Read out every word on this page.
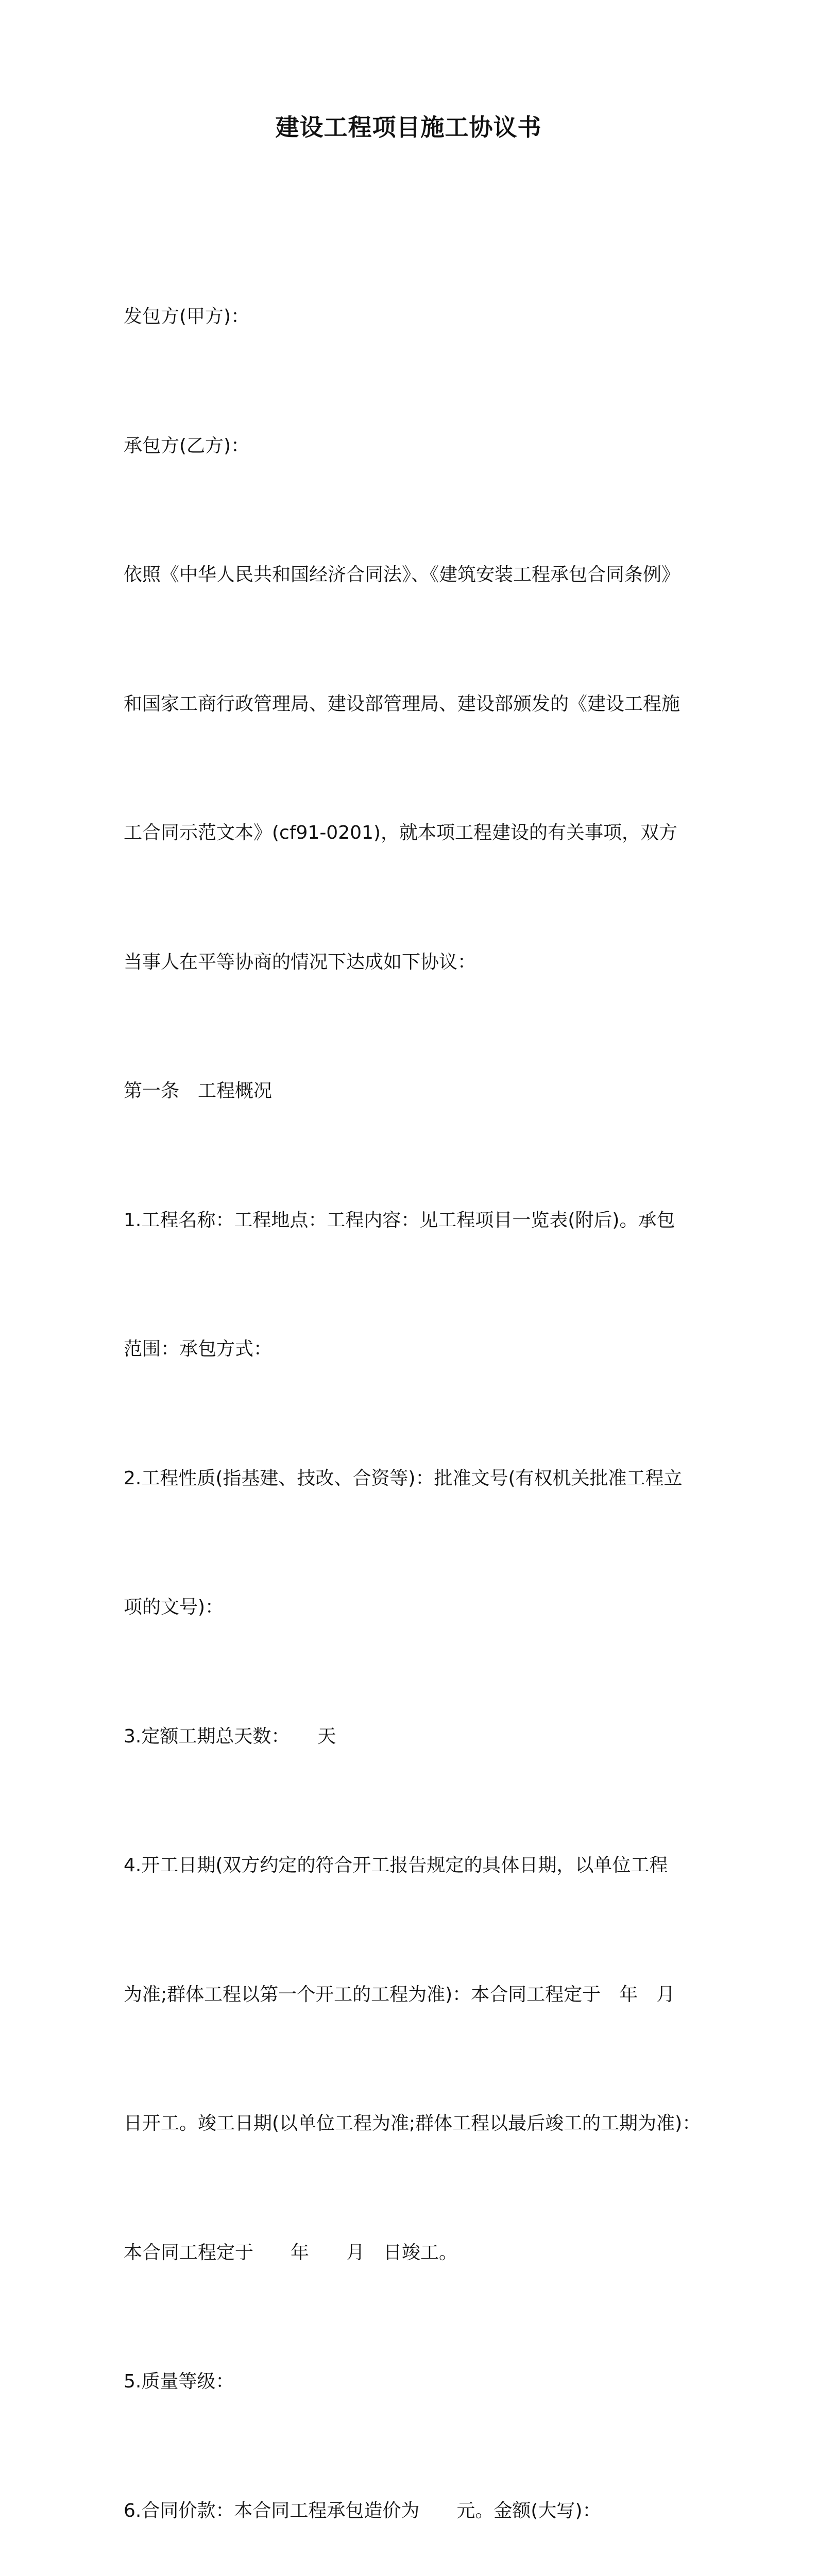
建设工程项目施工协议书

发包方(甲方)：

承包方(乙方)：

依照《中华人民共和国经济合同法》、《建筑安装工程承包合同条例》

和国家工商行政管理局、建设部管理局、建设部颁发的《建设工程施

工合同示范文本》(cf91-0201)，就本项工程建设的有关事项，双方

当事人在平等协商的情况下达成如下协议：

第一条　工程概况

1.工程名称：工程地点：工程内容：见工程项目一览表(附后)。承包

范围：承包方式：

2.工程性质(指基建、技改、合资等)：批准文号(有权机关批准工程立

项的文号)：

3.定额工期总天数：　　天

4.开工日期(双方约定的符合开工报告规定的具体日期，以单位工程

为准;群体工程以第一个开工的工程为准)：本合同工程定于　年　月

日开工。竣工日期(以单位工程为准;群体工程以最后竣工的工期为准)：

本合同工程定于　　年　　月　日竣工。

5.质量等级：

6.合同价款：本合同工程承包造价为　　元。金额(大写)：
